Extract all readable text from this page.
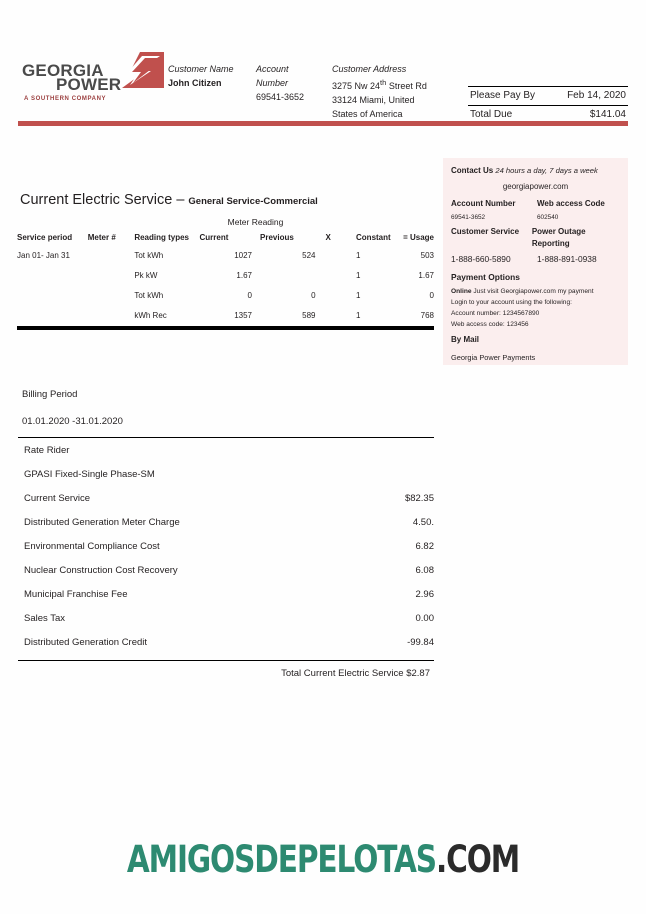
GEORGIA
POWER
A SOUTHERN COMPANY
Customer Name
John Citizen
Account
Number
69541-3652
Customer Address
3275 Nw 24th Street Rd
33124 Miami, United
States of America
Please Pay By	Feb 14, 2020
Total Due	$141.04
Current Electric Service – General Service-Commercial
Meter Reading
Service period	Meter #	Reading types	Current	Previous	X	Constant	= Usage
Jan 01- Jan 31		Tot kWh	1027	524		1	503
		Pk kW	1.67			1	1.67
		Tot kWh	0	0		1	0
		kWh Rec	1357	589		1	768
Contact Us 24 hours a day, 7 days a week
georgiapower.com
Account Number	Web access Code
69541-3652	602540
Customer Service	Power Outage Reporting
1-888-660-5890	1-888-891-0938
Payment Options
Online Just visit Georgiapower.com my payment
Login to your account using the following:
Account number: 1234567890
Web access code: 123456
By Mail
Georgia Power Payments
Billing Period
01.01.2020 -31.01.2020
Rate Rider
GPASI Fixed-Single Phase-SM
Current Service	$82.35
Distributed Generation Meter Charge	4.50.
Environmental Compliance Cost	6.82
Nuclear Construction Cost Recovery	6.08
Municipal Franchise Fee	2.96
Sales Tax	0.00
Distributed Generation Credit	-99.84
Total Current Electric Service $2.87
AMIGOSDEPELOTAS.COM
